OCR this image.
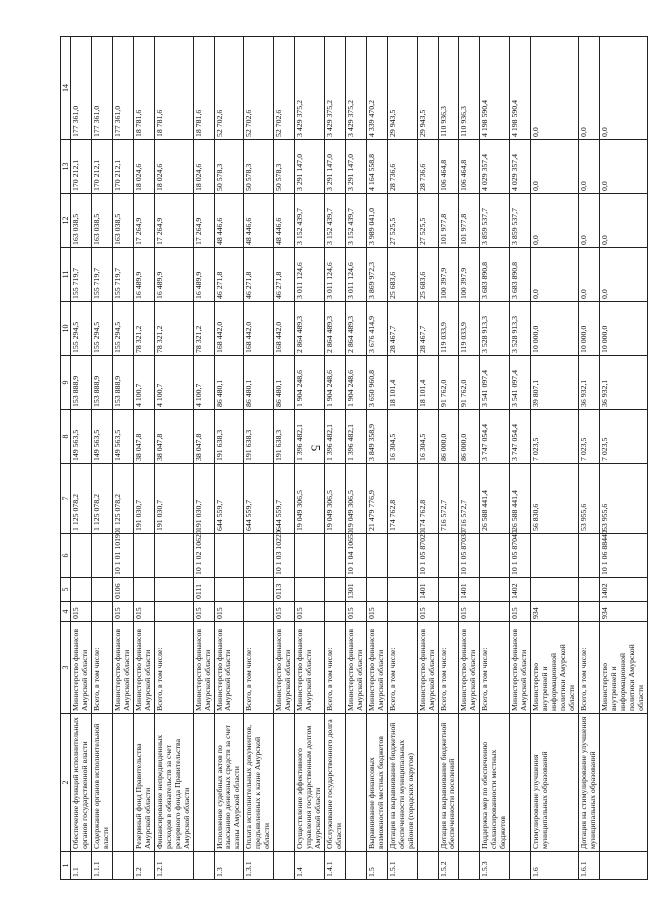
5
1	2	3	4	5	6	7	8	9	10	11	12	13	14
1.1	Обеспечение функций исполнительных органов государственной власти	Министерство финансов Амурской области	015			1 125 078,2	149 563,5	153 888,9	155 294,5	155 719,7	163 038,5	170 212,1	177 361,0
1.1.1	Содержание органов исполнительной власти	Всего, в том числе:				1 125 078,2	149 563,5	153 888,9	155 294,5	155 719,7	163 038,5	170 212,1	177 361,0
		Министерство финансов Амурской области	015	0106	10 1 01 10190	1 125 078,2	149 563,5	153 888,9	155 294,5	155 719,7	163 038,5	170 212,1	177 361,0
1.2	Резервный фонд Правительства Амурской области	Министерство финансов Амурской области	015			191 030,7	38 047,8	4 100,7	78 321,2	16 489,9	17 264,9	18 024,6	18 781,6
1.2.1	Финансирование непредвиденных расходов в обязательств за счет резервного фонда Правительства Амурской области	Всего, в том числе:				191 030,7	38 047,8	4 100,7	78 321,2	16 489,9	17 264,9	18 024,6	18 781,6
		Министерство финансов Амурской области	015	0111	10 1 02 10620	191 030,7	38 047,8	4 100,7	78 321,2	16 489,9	17 264,9	18 024,6	18 781,6
1.3	Исполнение судебных актов по взысканию денежных средств за счет казны Амурской области	Министерство финансов Амурской области	015			644 559,7	191 638,3	86 480,1	168 442,0	46 271,8	48 446,6	50 578,3	52 702,6
1.3.1	Оплата исполнительных документов, предъявленных к казне Амурской области	Всего, в том числе:				644 559,7	191 638,3	86 480,1	168 442,0	46 271,8	48 446,6	50 578,3	52 702,6
		Министерство финансов Амурской области	015	0113	10 1 03 10220	644 559,7	191 638,3	86 480,1	168 442,0	46 271,8	48 446,6	50 578,3	52 702,6
1.4	Осуществление эффективного управления государственным долгом Амурской области	Министерство финансов Амурской области	015			19 049 306,5	1 396 482,1	1 904 248,6	2 864 489,3	3 011 124,6	3 152 439,7	3 291 147,0	3 429 375,2
1.4.1	Обслуживание государственного долга области	Всего, в том числе:				19 049 306,5	1 396 482,1	1 904 248,6	2 864 489,3	3 011 124,6	3 152 439,7	3 291 147,0	3 429 375,2
		Министерство финансов Амурской области	015	1301	10 1 04 10650	19 049 306,5	1 396 482,1	1 904 248,6	2 864 489,3	3 011 124,6	3 152 439,7	3 291 147,0	3 429 375,2
1.5	Выравнивание финансовых возможностей местных бюджетов	Министерство финансов Амурской области	015			21 479 776,9	3 849 358,9	3 650 960,8	3 676 414,9	3 869 972,3	3 989 041,0	4 164 558,8	4 339 470,2
1.5.1	Дотация на выравнивание бюджетной обеспеченности муниципальных районов (городских округов)	Всего, в том числе:				174 762,8	16 304,5	18 101,4	28 467,7	25 683,6	27 525,5	28 736,6	29 943,5
		Министерство финансов Амурской области	015	1401	10 1 05 87020	174 762,8	16 304,5	18 101,4	28 467,7	25 683,6	27 525,5	28 736,6	29 943,5
1.5.2	Дотация на выравнивание бюджетной обеспеченности поселений	Всего, в том числе:				716 572,7	86 000,0	91 762,0	119 033,9	100 397,9	101 977,8	106 464,8	110 936,3
		Министерство финансов Амурской области	015	1401	10 1 05 87030	716 572,7	86 000,0	91 762,0	119 033,9	100 397,9	101 977,8	106 464,8	110 936,3
1.5.3	Поддержка мер по обеспечению сбалансированности местных бюджетов	Всего, в том числе:				26 588 441,4	3 747 054,4	3 541 097,4	3 528 913,3	3 683 890,8	3 859 537,7	4 029 357,4	4 198 590,4
		Министерство финансов Амурской области	015	1402	10 1 05 87040	26 588 441,4	3 747 054,4	3 541 097,4	3 528 913,3	3 683 890,8	3 859 537,7	4 029 357,4	4 198 590,4
1.6	Стимулирование улучшения муниципальных образований	Министерство внутренней и информационной политики Амурской области	934			56 830,6	7 023,5	39 807,1	10 000,0	0,0	0,0	0,0	0,0
1.6.1	Дотация на стимулирование улучшения муниципальных образований	Всего, в том числе:				53 955,6	7 023,5	36 932,1	10 000,0	0,0	0,0	0,0	0,0
		Министерство внутренней и информационной политики Амурской области	934	1402	10 1 06 88440	53 955,6	7 023,5	36 932,1	10 000,0	0,0	0,0	0,0	0,0
